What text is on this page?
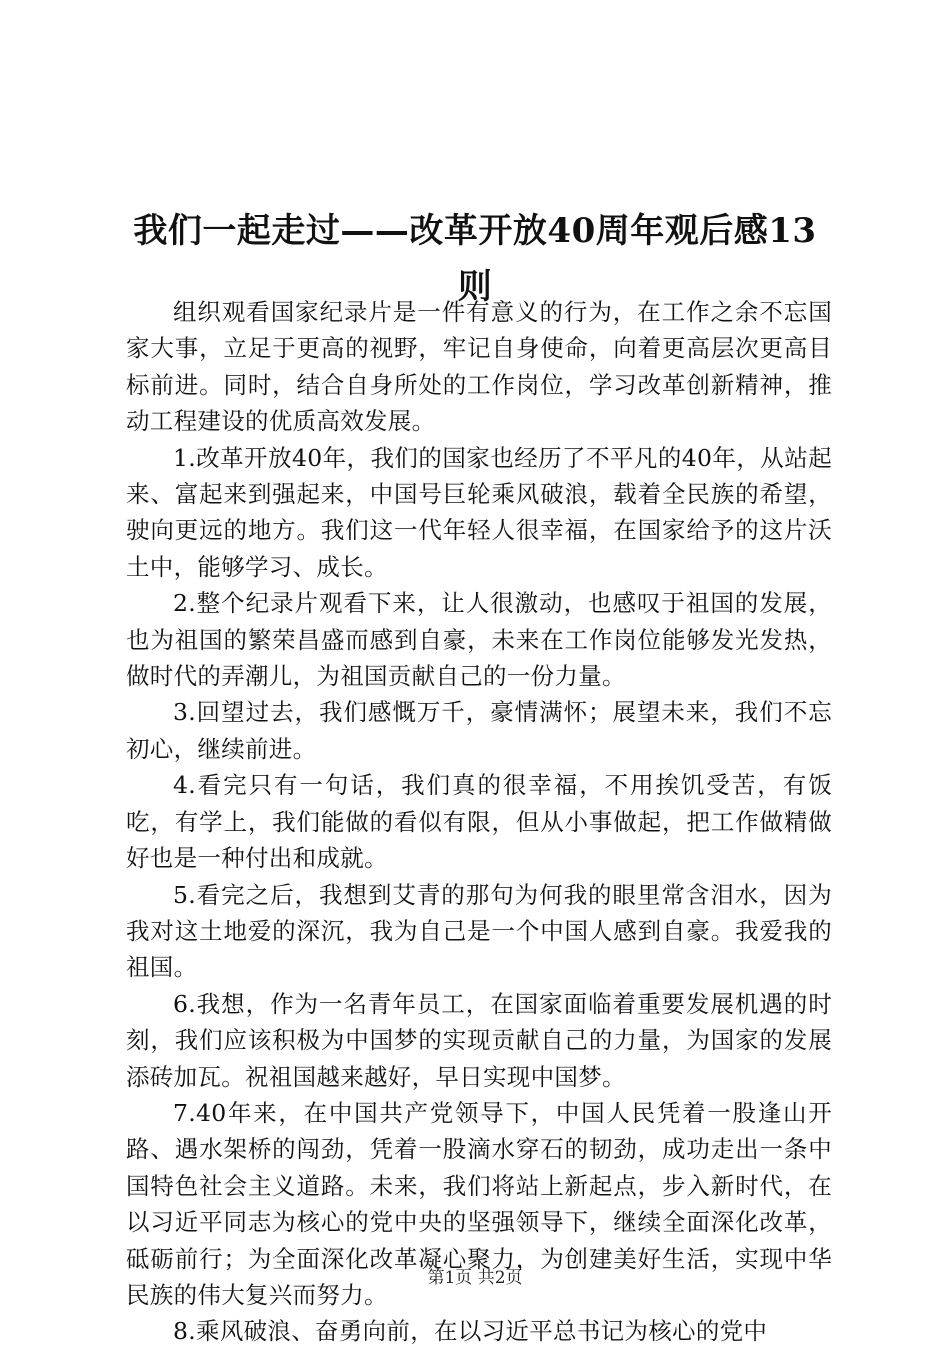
我们一起走过——改革开放40周年观后感13则

组织观看国家纪录片是一件有意义的行为，在工作之余不忘国家大事，立足于更高的视野，牢记自身使命，向着更高层次更高目标前进。同时，结合自身所处的工作岗位，学习改革创新精神，推动工程建设的优质高效发展。

1.改革开放40年，我们的国家也经历了不平凡的40年，从站起来、富起来到强起来，中国号巨轮乘风破浪，载着全民族的希望，驶向更远的地方。我们这一代年轻人很幸福，在国家给予的这片沃土中，能够学习、成长。

2.整个纪录片观看下来，让人很激动，也感叹于祖国的发展，也为祖国的繁荣昌盛而感到自豪，未来在工作岗位能够发光发热，做时代的弄潮儿，为祖国贡献自己的一份力量。

3.回望过去，我们感慨万千，豪情满怀；展望未来，我们不忘初心，继续前进。

4.看完只有一句话，我们真的很幸福，不用挨饥受苦，有饭吃，有学上，我们能做的看似有限，但从小事做起，把工作做精做好也是一种付出和成就。

5.看完之后，我想到艾青的那句为何我的眼里常含泪水，因为我对这土地爱的深沉，我为自己是一个中国人感到自豪。我爱我的祖国。

6.我想，作为一名青年员工，在国家面临着重要发展机遇的时刻，我们应该积极为中国梦的实现贡献自己的力量，为国家的发展添砖加瓦。祝祖国越来越好，早日实现中国梦。

7.40年来，在中国共产党领导下，中国人民凭着一股逢山开路、遇水架桥的闯劲，凭着一股滴水穿石的韧劲，成功走出一条中国特色社会主义道路。未来，我们将站上新起点，步入新时代，在以习近平同志为核心的党中央的坚强领导下，继续全面深化改革，砥砺前行；为全面深化改革凝心聚力，为创建美好生活，实现中华民族的伟大复兴而努力。

8.乘风破浪、奋勇向前，在以习近平总书记为核心的党中

第1页 共2页
